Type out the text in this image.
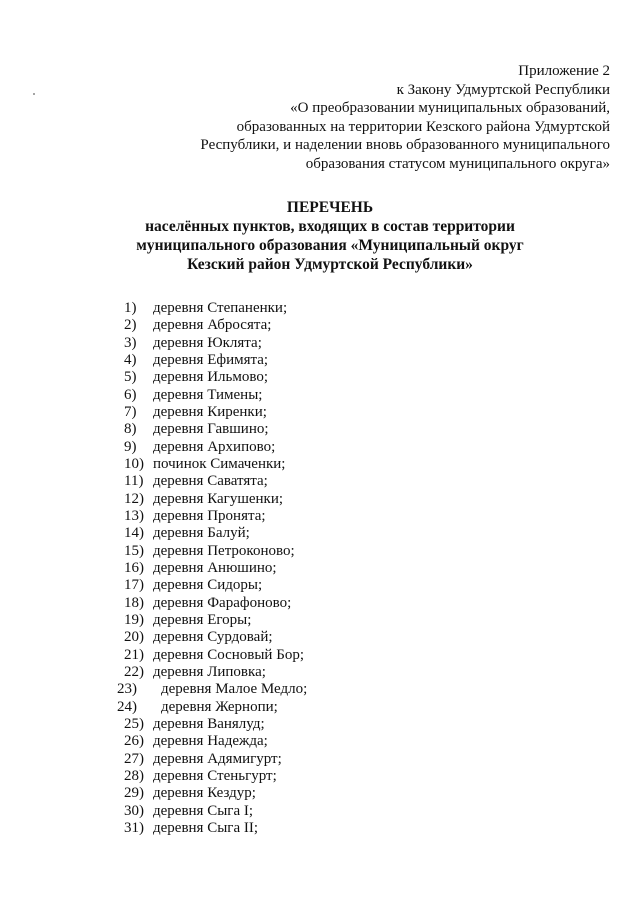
Приложение 2
к Закону Удмуртской Республики
«О преобразовании муниципальных образований,
образованных на территории Кезского района Удмуртской
Республики, и наделении вновь образованного муниципального
образования статусом муниципального округа»
ПЕРЕЧЕНЬ
населённых пунктов, входящих в состав территории
муниципального образования «Муниципальный округ
Кезский район Удмуртской Республики»
1)	деревня Степаненки;
2)	деревня Абросята;
3)	деревня Юклята;
4)	деревня Ефимята;
5)	деревня Ильмово;
6)	деревня Тимены;
7)	деревня Киренки;
8)	деревня Гавшино;
9)	деревня Архипово;
10) починок Симаченки;
11) деревня Саватята;
12) деревня Кагушенки;
13) деревня Пронята;
14) деревня Балуй;
15) деревня Петроконово;
16) деревня Анюшино;
17) деревня Сидоры;
18) деревня Фарафоново;
19) деревня Егоры;
20) деревня Сурдовай;
21) деревня Сосновый Бор;
22) деревня Липовка;
23)	деревня Малое Медло;
24)	деревня Жернопи;
25) деревня Ванялуд;
26) деревня Надежда;
27) деревня Адямигурт;
28) деревня Стеньгурт;
29) деревня Кездур;
30) деревня Сыга I;
31) деревня Сыга II;
